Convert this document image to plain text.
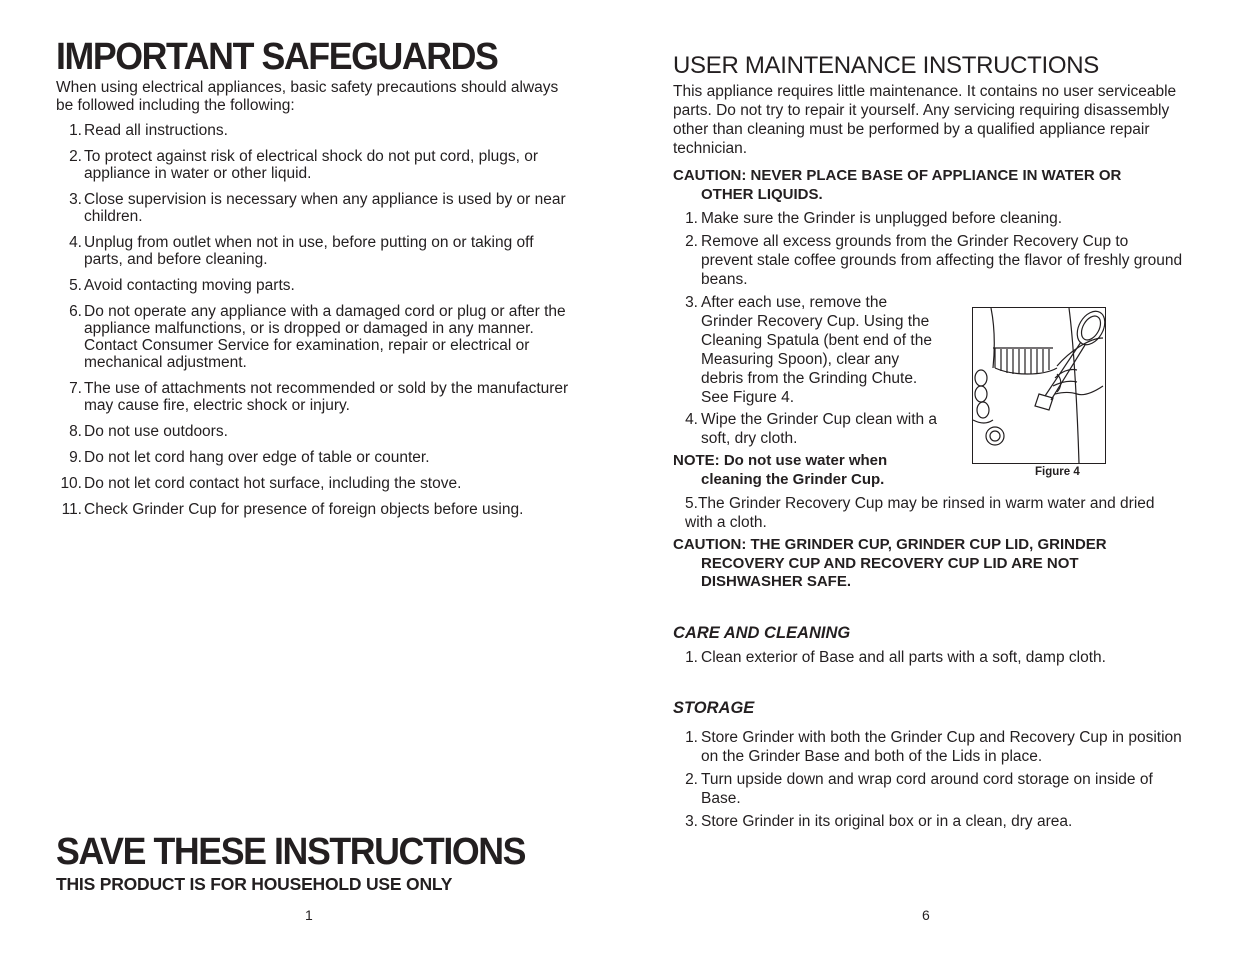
IMPORTANT SAFEGUARDS
When using electrical appliances, basic safety precautions should always be followed including the following:
1. Read all instructions.
2. To protect against risk of electrical shock do not put cord, plugs, or appliance in water or other liquid.
3. Close supervision is necessary when any appliance is used by or near children.
4. Unplug from outlet when not in use, before putting on or taking off parts, and before cleaning.
5. Avoid contacting moving parts.
6. Do not operate any appliance with a damaged cord or plug or after the appliance malfunctions, or is dropped or damaged in any manner. Contact Consumer Service for examination, repair or electrical or mechanical adjustment.
7. The use of attachments not recommended or sold by the manufacturer may cause fire, electric shock or injury.
8. Do not use outdoors.
9. Do not let cord hang over edge of table or counter.
10. Do not let cord contact hot surface, including the stove.
11. Check Grinder Cup for presence of foreign objects before using.
SAVE THESE INSTRUCTIONS
THIS PRODUCT IS FOR HOUSEHOLD USE ONLY
1
USER MAINTENANCE INSTRUCTIONS
This appliance requires little maintenance. It contains no user serviceable parts. Do not try to repair it yourself. Any servicing requiring disassembly other than cleaning must be performed by a qualified appliance repair technician.
CAUTION: NEVER PLACE BASE OF APPLIANCE IN WATER OR
OTHER LIQUIDS.
1. Make sure the Grinder is unplugged before cleaning.
2. Remove all excess grounds from the Grinder Recovery Cup to prevent stale coffee grounds from affecting the flavor of freshly ground beans.
3. After each use, remove the Grinder Recovery Cup. Using the Cleaning Spatula (bent end of the Measuring Spoon), clear any debris from the Grinding Chute. See Figure 4.
4. Wipe the Grinder Cup clean with a soft, dry cloth.
Figure 4
NOTE: Do not use water when
cleaning the Grinder Cup.
5.The Grinder Recovery Cup may be rinsed in warm water and dried with a cloth.
CAUTION: THE GRINDER CUP, GRINDER CUP LID, GRINDER
RECOVERY CUP AND RECOVERY CUP LID ARE NOT DISHWASHER SAFE.
CARE AND CLEANING
1. Clean exterior of Base and all parts with a soft, damp cloth.
STORAGE
1. Store Grinder with both the Grinder Cup and Recovery Cup in position on the Grinder Base and both of the Lids in place.
2. Turn upside down and wrap cord around cord storage on inside of Base.
3. Store Grinder in its original box or in a clean, dry area.
6
